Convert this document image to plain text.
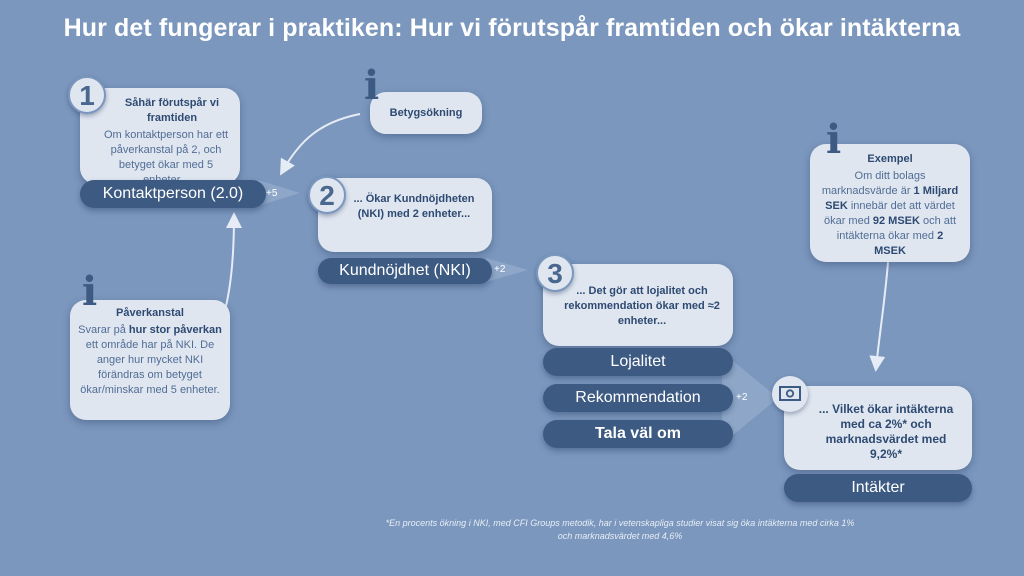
Hur det fungerar i praktiken: Hur vi förutspår framtiden och ökar intäkterna
Såhär förutspår vi framtiden
Om kontaktperson har ett påverkanstal på 2, och betyget ökar med 5
1
Kontaktperson (2.0)	+5
Betygsökning
i
Påverkanstal
Svarar på hur stor påverkan ett område har på NKI. De anger hur mycket NKI förändras om betyget ökar/minskar med 5 enheter.
i
... Ökar Kundnöjdheten (NKI) med 2 enheter...
2
Kundnöjdhet (NKI)	+2
... Det gör att lojalitet och rekommendation ökar med ≈2 enheter...
3
Lojalitet
Rekommendation
Tala väl om
+2
Exempel
Om ditt bolags marknadsvärde är 1 Miljard SEK innebär det att värdet ökar med 92 MSEK och att intäkterna ökar med 2 MSEK
i
... Vilket ökar intäkterna med ca 2%* och marknadsvärdet med 9,2%*
Intäkter
*En procents ökning i NKI, med CFI Groups metodik, har i vetenskapliga studier visat sig öka intäkterna med cirka 1% och marknadsvärdet med 4,6%
